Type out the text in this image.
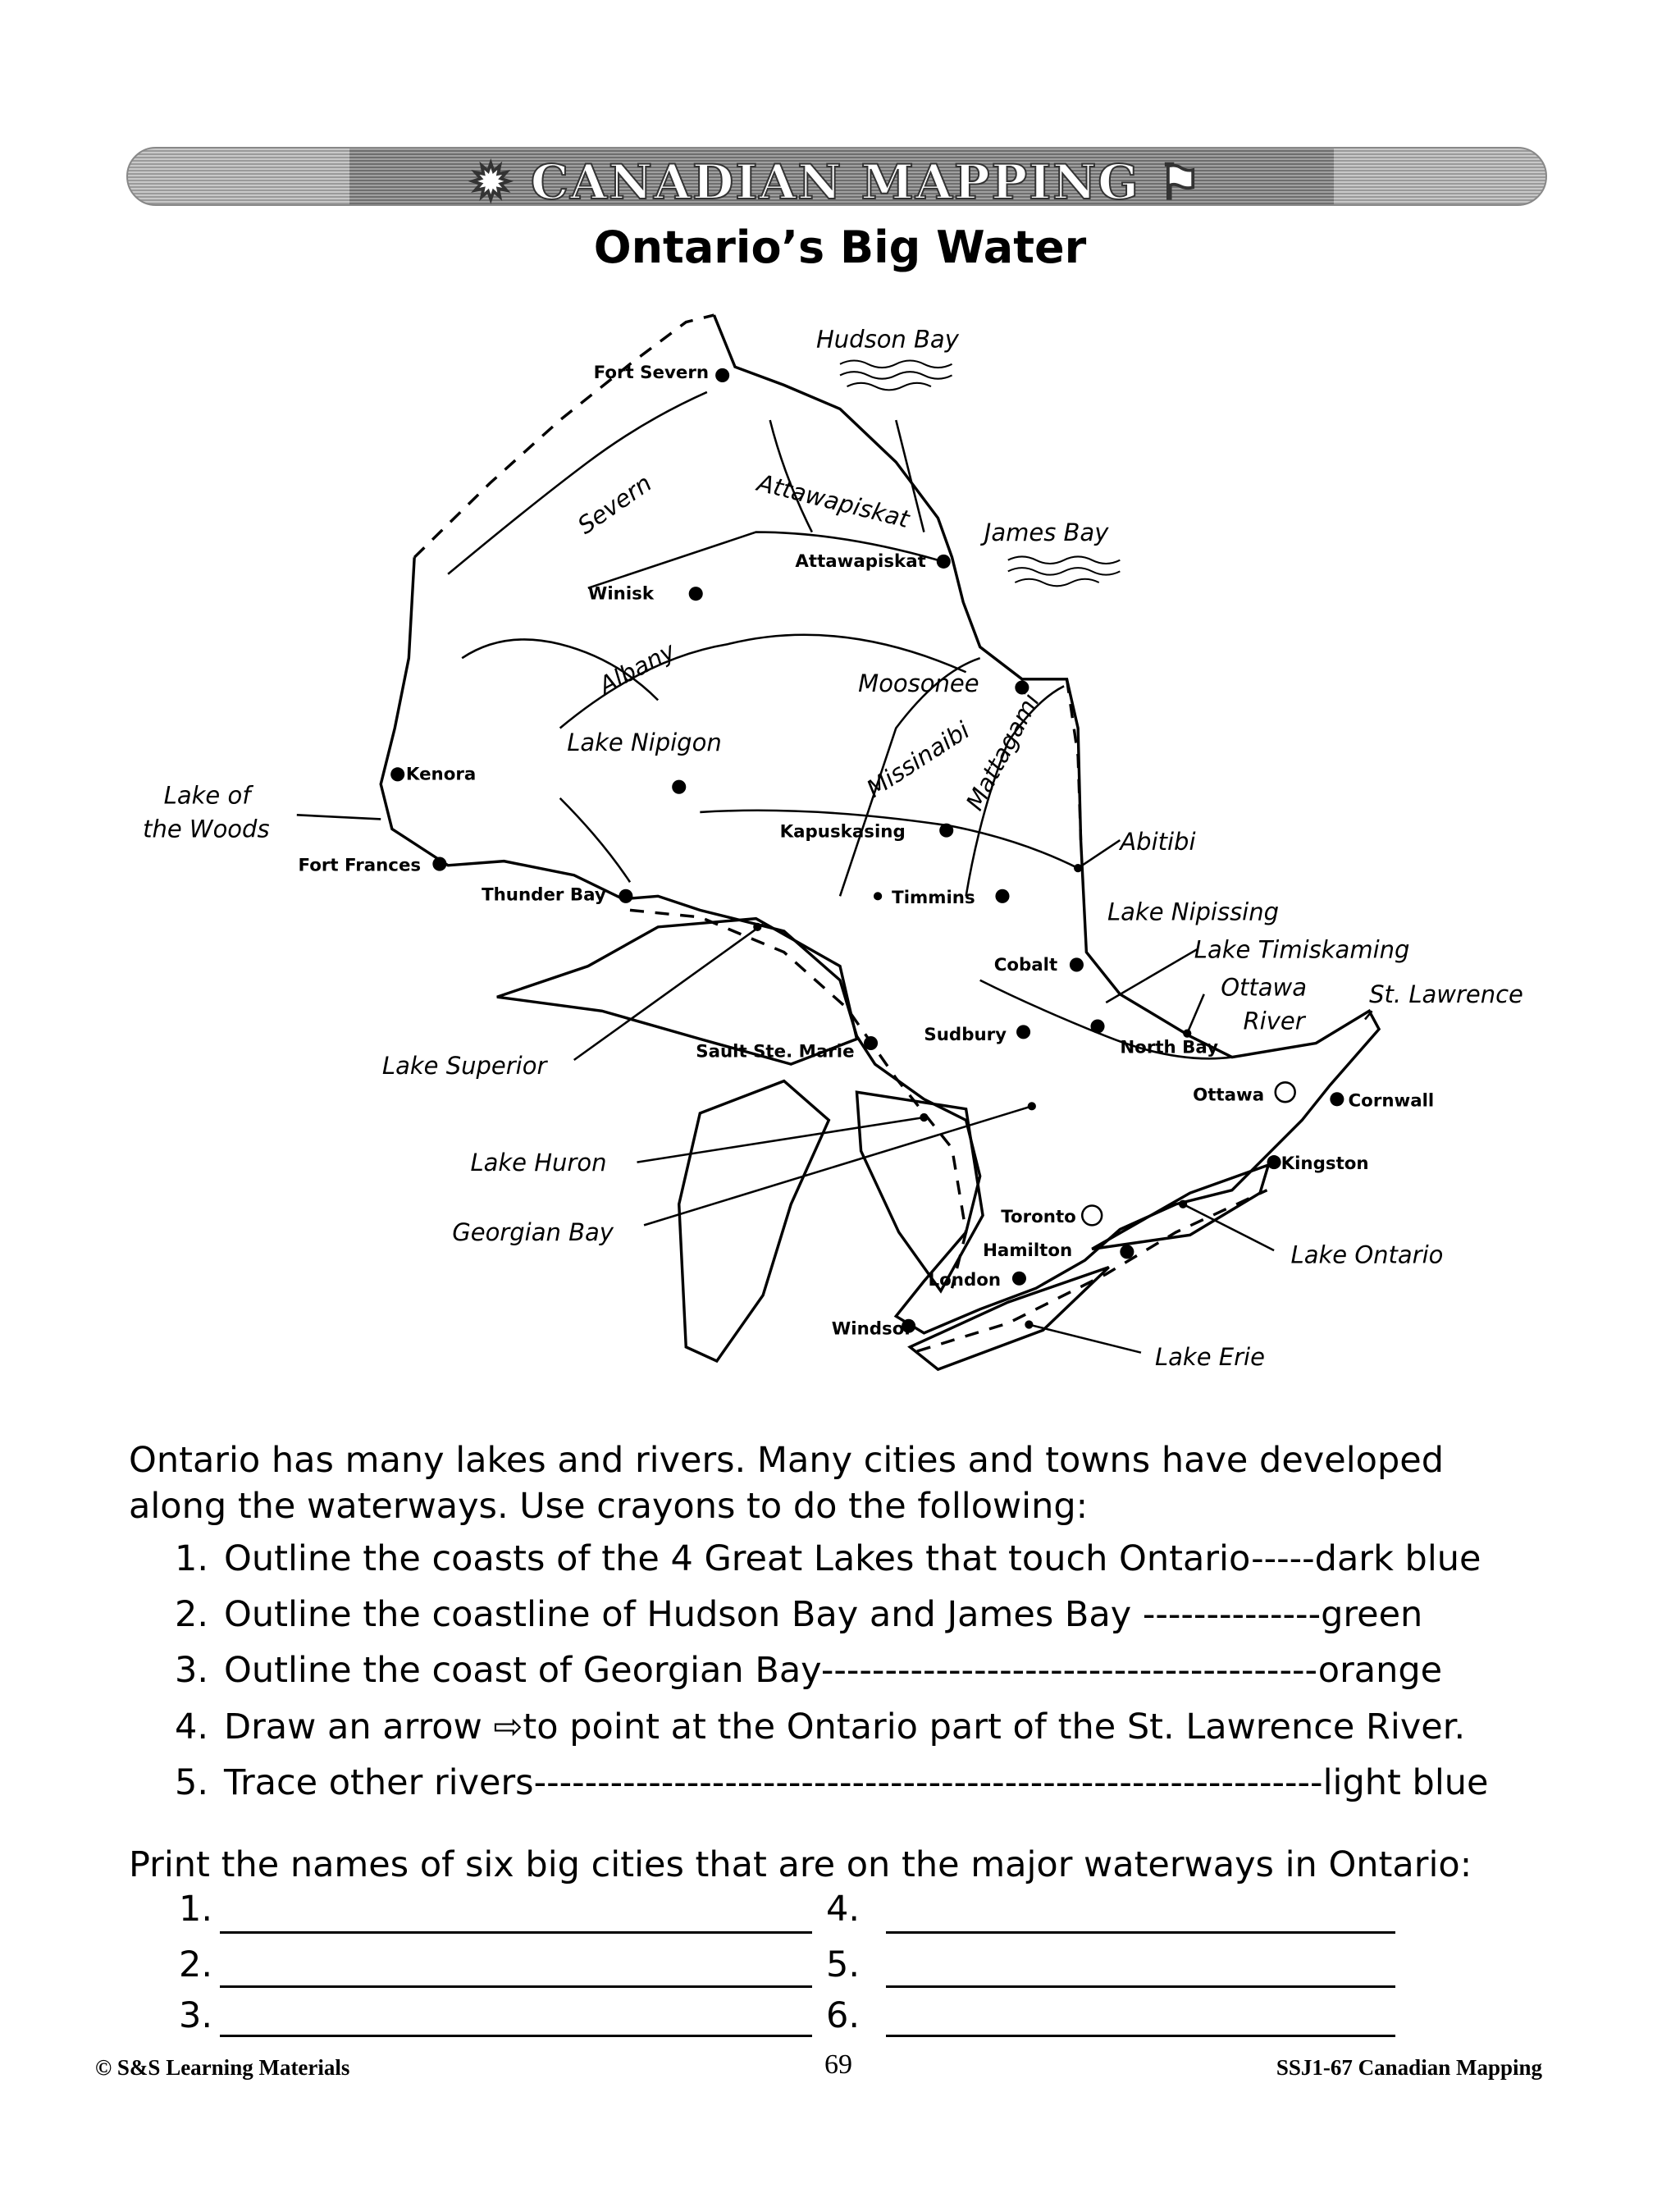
✹ CANADIAN MAPPING ⚑
Ontario’s Big Water
Hudson Bay
James Bay
Lake of
the Woods
Lake Nipigon
Abitibi
Lake Nipissing
Lake Timiskaming
Ottawa
River
St. Lawrence
Lake Superior
Lake Huron
Georgian Bay
Lake Ontario
Lake Erie
Severn	Attawapiskat
Albany
Missinaibi
Mattagami
Fort Severn
Attawapiskat
Winisk
Moosonee
Kenora
Kapuskasing
Fort Frances
Timmins
Thunder Bay
Cobalt
Sudbury
North Bay
Sault Ste. Marie
Ottawa	Cornwall
Kingston
Toronto
Hamilton
London
Windsor
Ontario has many lakes and rivers. Many cities and towns have developed
along the waterways. Use crayons to do the following:
1. Outline the coasts of the 4 Great Lakes that touch Ontario-----dark blue
2. Outline the coastline of Hudson Bay and James Bay --------------green
3. Outline the coast of Georgian Bay---------------------------------------orange
4. Draw an arrow ⇨to point at the Ontario part of the St. Lawrence River.
5. Trace other rivers--------------------------------------------------------------light blue
Print the names of six big cities that are on the major waterways in Ontario:
1.
2.
3.
4.
5.
6.
© S&S Learning Materials	69	SSJ1-67 Canadian Mapping
